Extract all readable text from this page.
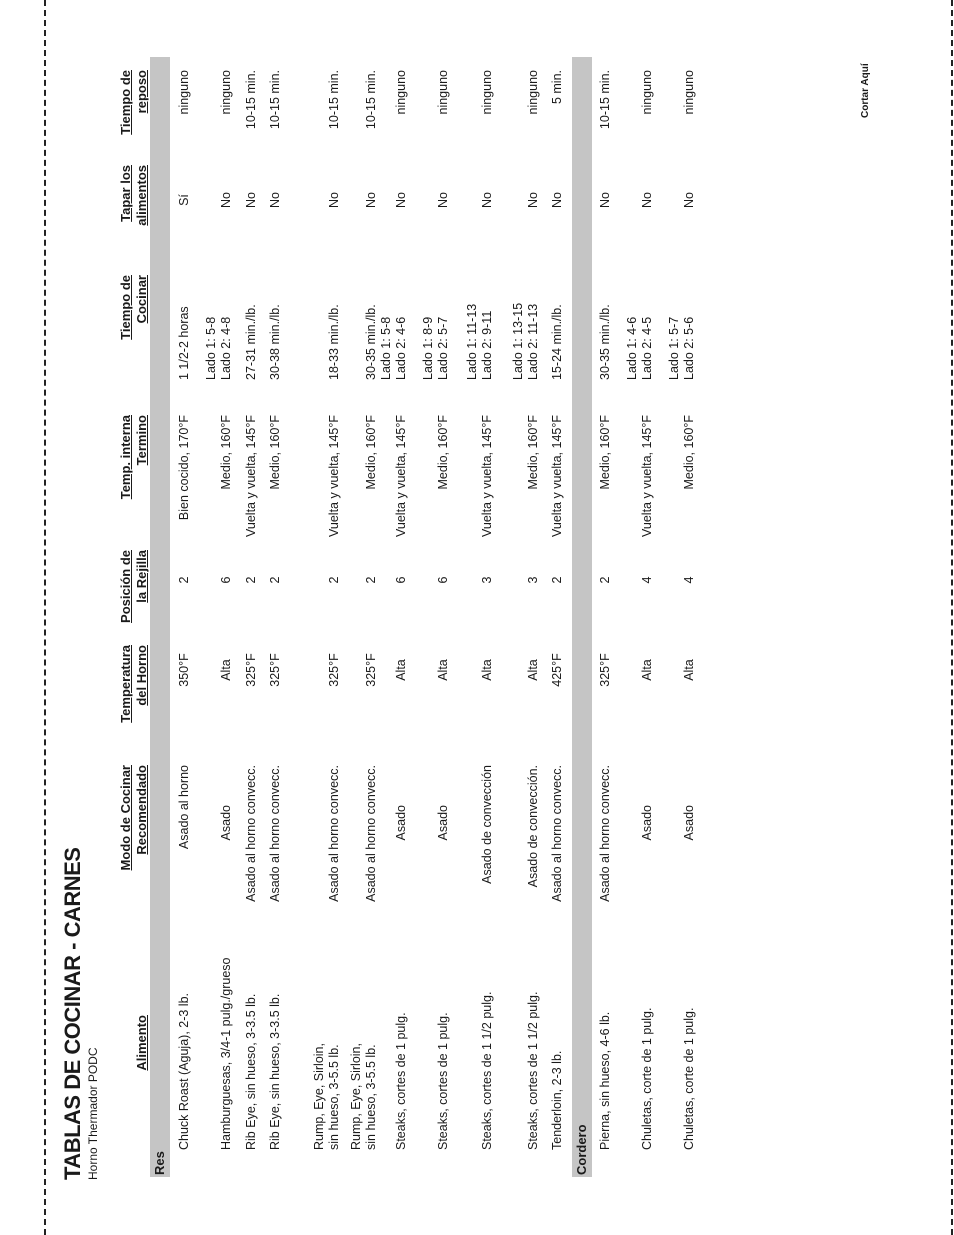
Cortar Aquí
TABLAS DE COCINAR - CARNES Horno Thermador PODC
Alimento
Modo de Cocinar Recomendado
Temperatura del Horno
Posición de la Rejilla
Temp. interna Termino
Tiempo de Cocinar
Tapar los alimentos
Tiempo de reposo
Res	Cordero
Chuck Roast (Aguja), 2-3 lb.
Asado al horno
350°F
2
Bien cocido, 170°F
1 1/2-2 horas
Sí
ninguno
Hamburguesas, 3/4-1 pulg./grueso
Asado
Alta
6
Medio, 160°F
Lado 1: 5-8 Lado 2: 4-8
No
ninguno
Rib Eye, sin hueso, 3-3.5 lb.
Asado al horno convecc.
325°F
2
Vuelta y vuelta, 145°F
27-31 min./lb.
No
10-15 min.
Rib Eye, sin hueso, 3-3.5 lb.
Asado al horno convecc.
325°F
2
Medio, 160°F
30-38 min./lb.
No
10-15 min.
Rump, Eye, Sirloin, sin hueso, 3-5.5 lb.
Asado al horno convecc.
325°F
2
Vuelta y vuelta, 145°F
18-33 min./lb.
No
10-15 min.
Rump, Eye, Sirloin, sin hueso, 3-5.5 lb.
Asado al horno convecc.
325°F
2
Medio, 160°F
30-35 min./lb.
No
10-15 min.
Steaks, cortes de 1 pulg.
Asado
Alta
6
Vuelta y vuelta, 145°F
Lado 1: 5-8 Lado 2: 4-6
No
ninguno
Steaks, cortes de 1 pulg.
Asado
Alta
6
Medio, 160°F
Lado 1: 8-9 Lado 2: 5-7
No
ninguno
Steaks, cortes de 1 1/2 pulg.
Asado de convección
Alta
3
Vuelta y vuelta, 145°F
Lado 1: 11-13 Lado 2: 9-11
No
ninguno
Steaks, cortes de 1 1/2 pulg.
Asado de convección.
Alta
3
Medio, 160°F
Lado 1: 13-15 Lado 2: 11-13
No
ninguno
Tenderloin, 2-3 lb.
Asado al horno convecc.
425°F
2
Vuelta y vuelta, 145°F
15-24 min./lb.
No
5 min.
Pierna, sin hueso, 4-6 lb.
Asado al horno convecc.
325°F
2
Medio, 160°F
30-35 min./lb.
No
10-15 min.
Chuletas, corte de 1 pulg.
Asado
Alta
4
Vuelta y vuelta, 145°F
Lado 1: 4-6 Lado 2: 4-5
No
ninguno
Chuletas, corte de 1 pulg.
Asado
Alta
4
Medio, 160°F
Lado 1: 5-7 Lado 2: 5-6
No
ninguno
